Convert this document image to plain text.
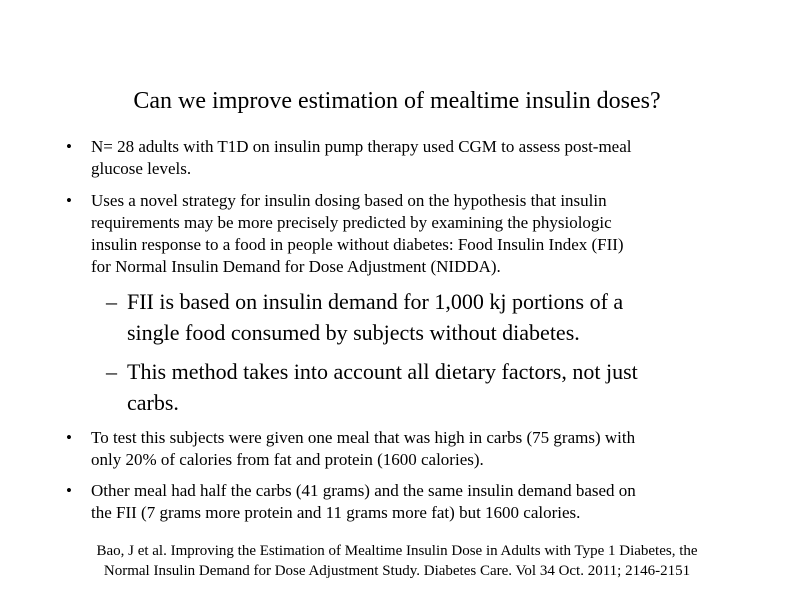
Can we improve estimation of mealtime insulin doses?
• N= 28 adults with T1D on insulin pump therapy used CGM to assess post-meal
glucose levels.
• Uses a novel strategy for insulin dosing based on the hypothesis that insulin
requirements may be more precisely predicted by examining the physiologic
insulin response to a food in people without diabetes: Food Insulin Index (FII)
for Normal Insulin Demand for Dose Adjustment (NIDDA).
– FII is based on insulin demand for 1,000 kj portions of a
single food consumed by subjects without diabetes.
– This method takes into account all dietary factors, not just
carbs.
• To test this subjects were given one meal that was high in carbs (75 grams) with
only 20% of calories from fat and protein (1600 calories).
• Other meal had half the carbs (41 grams) and the same insulin demand based on
the FII (7 grams more protein and 11 grams more fat) but 1600 calories.
Bao, J et al. Improving the Estimation of Mealtime Insulin Dose in Adults with Type 1 Diabetes, the
Normal Insulin Demand for Dose Adjustment Study. Diabetes Care. Vol 34 Oct. 2011; 2146-2151
